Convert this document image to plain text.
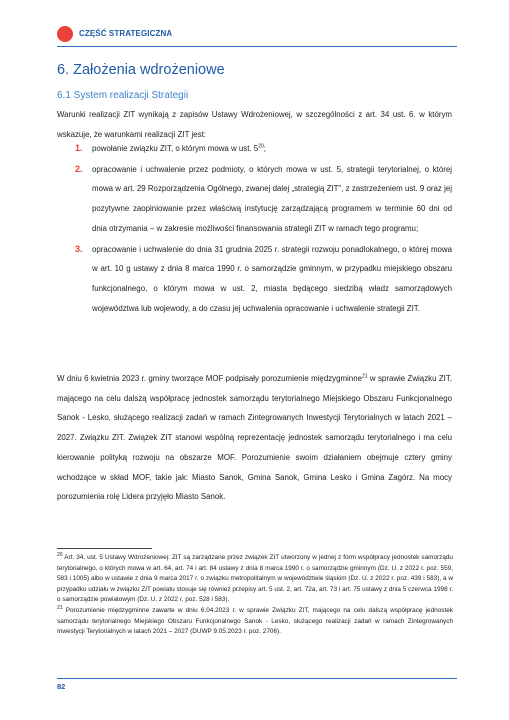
CZĘŚĆ STRATEGICZNA
6. Założenia wdrożeniowe
6.1 System realizacji Strategii
Warunki realizacji ZIT wynikają z zapisów Ustawy Wdrożeniowej, w szczególności z art. 34 ust. 6. w którym wskazuje, że warunkami realizacji ZIT jest:
1. powołanie związku ZIT, o którym mowa w ust. $5^{20}$;
2. opracowanie i uchwalenie przez podmioty, o których mowa w ust. 5, strategii terytorialnej, o której mowa w art. 29 Rozporządzenia Ogólnego, zwanej dalej „strategią ZIT", z zastrzeżeniem ust. 9 oraz jej pozytywne zaopiniowanie przez właściwą instytucję zarządzającą programem w terminie 60 dni od dnia otrzymania – w zakresie możliwości finansowania strategii ZIT w ramach tego programu;
3. opracowanie i uchwalenie do dnia 31 grudnia 2025 r. strategii rozwoju ponadlokalnego, o której mowa w art. 10 g ustawy z dnia 8 marca 1990 r. o samorządzie gminnym, w przypadku miejskiego obszaru funkcjonalnego, o którym mowa w ust. 2, miasta będącego siedzibą władz samorządowych województwa lub wojewody, a do czasu jej uchwalenia opracowanie i uchwalenie strategii ZIT.
W dniu 6 kwietnia 2023 r. gminy tworzące MOF podpisały porozumienie międzygminne$^{21}$ w sprawie Związku ZIT, mającego na celu dalszą współpracę jednostek samorządu terytorialnego Miejskiego Obszaru Funkcjonalnego Sanok - Lesko, służącego realizacji zadań w ramach Zintegrowanych Inwestycji Terytorialnych w latach 2021 – 2027. Związku ZIT. Związek ZIT stanowi wspólną reprezentację jednostek samorządu terytorialnego i ma celu kierowanie polityką rozwoju na obszarze MOF. Porozumienie swoim działaniem obejmuje cztery gminy wchodzące w skład MOF, takie jak: Miasto Sanok, Gmina Sanok, Gmina Lesko i Gmina Zagórz. Na mocy porozumienia rolę Lidera przyjęło Miasto Sanok.

$^{20}$ Art. 34. ust. 5 Ustawy Wdrożeniowej: ZIT są zarządzane przez związek ZIT utworzony w jednej z form współpracy jednostek samorządu terytorialnego, o których mowa w art. 64, art. 74 i art. 84 ustawy z dnia 8 marca 1990 r. o samorządzie gminnym (Dz. U. z 2022 r. poz. 559, 583 i 1005) albo w ustawie z dnia 9 marca 2017 r. o związku metropolitalnym w województwie śląskim (Dz. U. z 2022 r. poz. 439 i 583), a w przypadku udziału w związku ZIT powiatu stosuje się również przepisy art. 5 ust. 2, art. 72a, art. 73 i art. 75 ustawy z dnia 5 czerwca 1998 r. o samorządzie powiatowym (Dz. U. z 2022 r. poz. 528 i 583).

$^{21}$ Porozumienie międzygminne zawarte w dniu 6.04.2023 r. w sprawie Związku ZIT, mającego na celu dalszą współpracę jednostek samorządu terytorialnego Miejskiego Obszaru Funkcjonalnego Sanok - Lesko, służącego realizacji zadań w ramach Zintegrowanych Inwestycji Terytorialnych w latach 2021 – 2027 (DUWP 9.05.2023 r. poz. 2706).

82
